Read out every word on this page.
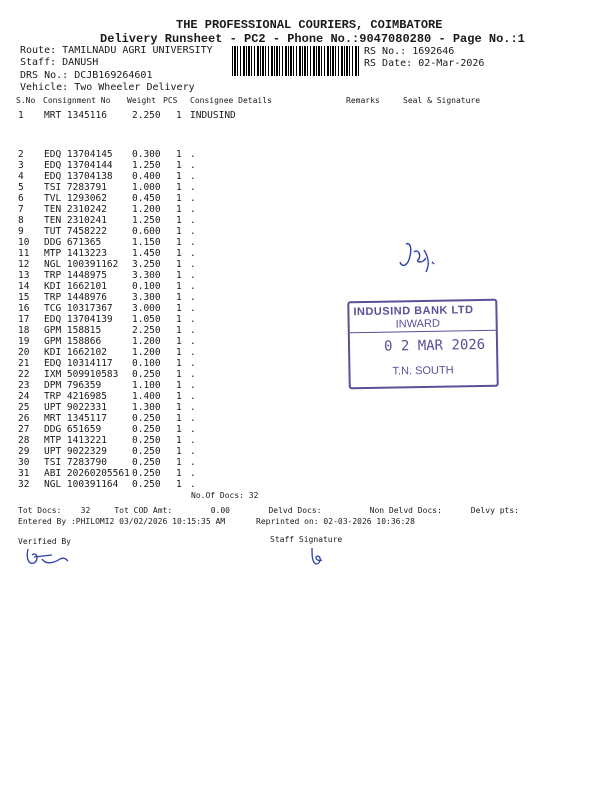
THE PROFESSIONAL COURIERS, COIMBATORE
Delivery Runsheet - PC2 - Phone No.:9047080280 - Page No.:1
Route: TAMILNADU AGRI UNIVERSITY
Staff: DANUSH
DRS No.: DCJB169264601
Vehicle: Two Wheeler Delivery
RS No.: 1692646
RS Date: 02-Mar-2026
S.No Consignment No Weight PCS Consignee Details	Remarks	Seal & Signature
1 MRT 1345116	2.250 1 INDUSIND
2 EDQ 13704145 0.300 1 .
3 EDQ 13704144 1.250 1 .
4 EDQ 13704138 0.400 1 .
5 TSI 7283791	1.000 1 .
6 TVL 1293062	0.450 1 .
7 TEN 2310242	1.200 1 .
8 TEN 2310241	1.250 1 .
9 TUT 7458222	0.600 1 .
10 DDG 671365	1.150 1 .
11 MTP 1413223	1.450 1 .
12 NGL 100391162 3.250 1 .
13 TRP 1448975	3.300 1 .
14 KDI 1662101	0.100 1 .
15 TRP 1448976	3.300 1 .
16 TCG 10317367 3.000 1 .
17 EDQ 13704139 1.050 1 .
18 GPM 158815	2.250 1 .
19 GPM 158866	1.200 1 .
20 KDI 1662102	1.200 1 .
21 EDQ 10314117 0.100 1 .
22 IXM 509910583 0.250 1 .
23 DPM 796359	1.100 1 .
24 TRP 4216985	1.400 1 .
25 UPT 9022331	1.300 1 .
26 MRT 1345117	0.250 1 .
27 DDG 651659	0.250 1 .
28 MTP 1413221	0.250 1 .
29 UPT 9022329	0.250 1 .
30 TSI 7283790	0.250 1 .
31 ABI 20260205561 0.250 1 .
32 NGL 100391164 0.250 1 .
No.Of Docs: 32
Tot Docs: 32	Tot COD Amt:	0.00	Delvd Docs:	Non Delvd Docs:	Delvy pts:
Entered By :PHILOMI2 03/02/2026 10:15:35 AM	Reprinted on: 02-03-2026 10:36:28
Verified By	Staff Signature
INDUSIND BANK LTD
INWARD
0 2 MAR 2026
T.N. SOUTH
